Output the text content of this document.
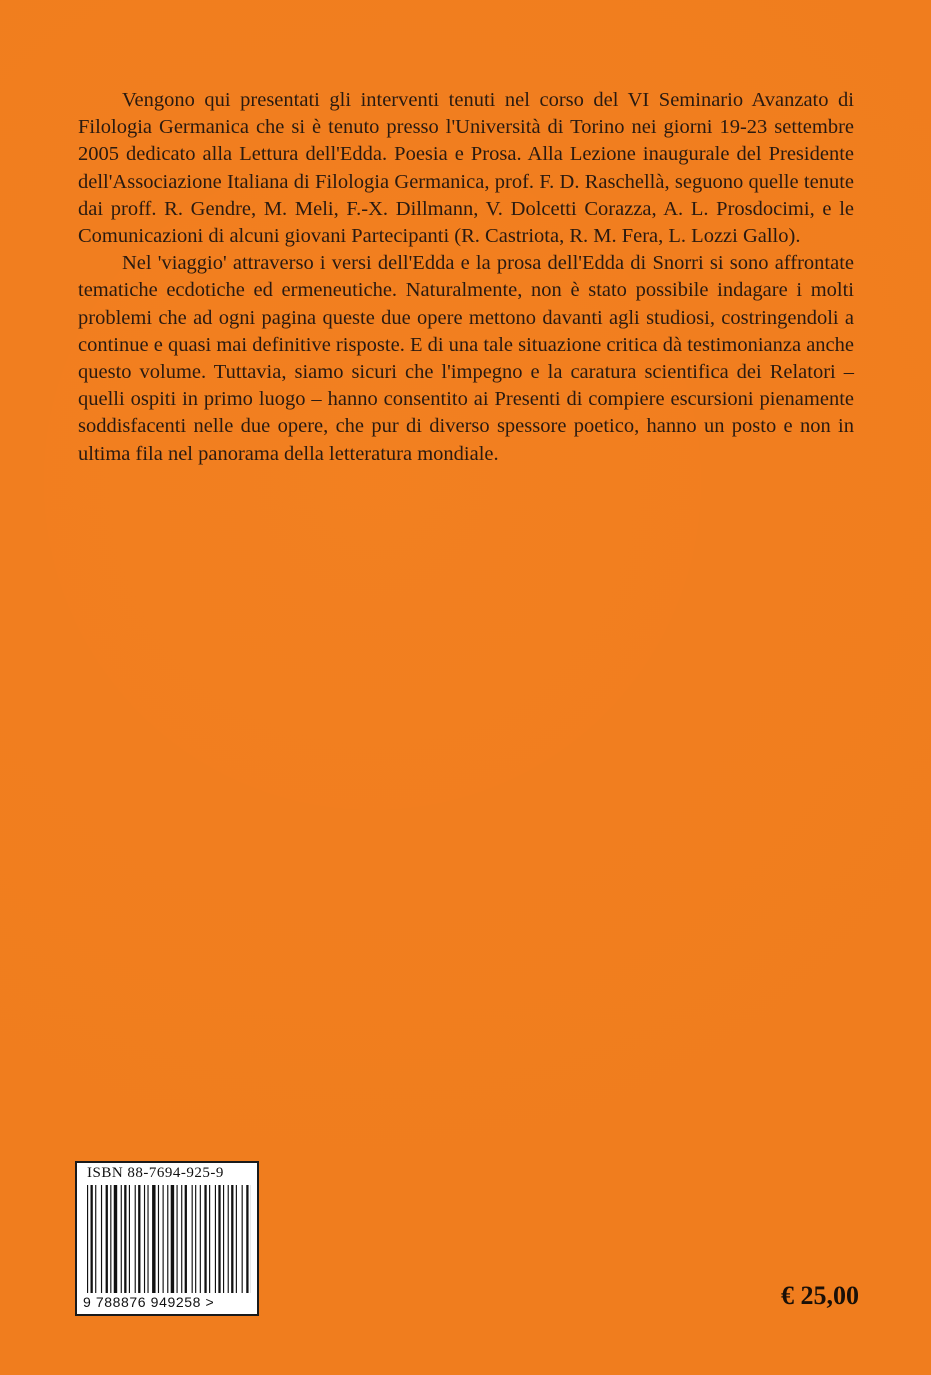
Vengono qui presentati gli interventi tenuti nel corso del VI Seminario Avanzato di Filologia Germanica che si è tenuto presso l'Università di Torino nei giorni 19-23 settembre 2005 dedicato alla Lettura dell'Edda. Poesia e Prosa. Alla Lezione inaugurale del Presidente dell'Associazione Italiana di Filologia Germanica, prof. F. D. Raschellà, seguono quelle tenute dai proff. R. Gendre, M. Meli, F.-X. Dillmann, V. Dolcetti Corazza, A. L. Prosdocimi, e le Comunicazioni di alcuni giovani Partecipanti (R. Castriota, R. M. Fera, L. Lozzi Gallo).

Nel 'viaggio' attraverso i versi dell'Edda e la prosa dell'Edda di Snorri si sono affrontate tematiche ecdotiche ed ermeneutiche. Naturalmente, non è stato possibile indagare i molti problemi che ad ogni pagina queste due opere mettono davanti agli studiosi, costringendoli a continue e quasi mai definitive risposte. E di una tale situazione critica dà testimonianza anche questo volume. Tuttavia, siamo sicuri che l'impegno e la caratura scientifica dei Relatori – quelli ospiti in primo luogo – hanno consentito ai Presenti di compiere escursioni pienamente soddisfacenti nelle due opere, che pur di diverso spessore poetico, hanno un posto e non in ultima fila nel panorama della letteratura mondiale.

ISBN 88-7694-925-9
9 788876 949258 >	€ 25,00
